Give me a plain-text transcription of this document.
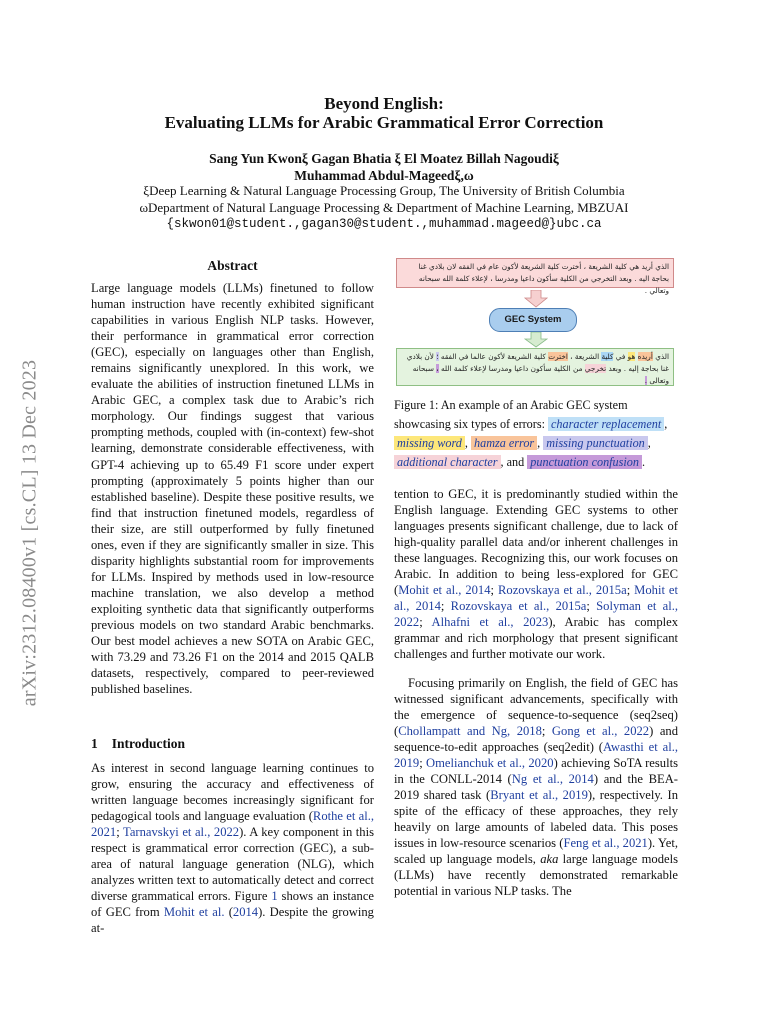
arXiv:2312.08400v1 [cs.CL] 13 Dec 2023
Beyond English:
Evaluating LLMs for Arabic Grammatical Error Correction
Sang Yun Kwonξ Gagan Bhatia ξ El Moatez Billah Nagoudiξ
Muhammad Abdul-Mageedξ,ω
ξDeep Learning & Natural Language Processing Group, The University of British Columbia
ωDepartment of Natural Language Processing & Department of Machine Learning, MBZUAI
{skwon01@student.,gagan30@student.,muhammad.mageed@}ubc.ca
Abstract

Large language models (LLMs) finetuned to follow human instruction have recently exhibited significant capabilities in various English NLP tasks. However, their performance in grammatical error correction (GEC), especially on languages other than English, remains significantly unexplored. In this work, we evaluate the abilities of instruction finetuned LLMs in Arabic GEC, a complex task due to Arabic’s rich morphology. Our findings suggest that various prompting methods, coupled with (in-context) few-shot learning, demonstrate considerable effectiveness, with GPT-4 achieving up to 65.49 F1 score under expert prompting (approximately 5 points higher than our established baseline). Despite these positive results, we find that instruction finetuned models, regardless of their size, are still outperformed by fully finetuned ones, even if they are significantly smaller in size. This disparity highlights substantial room for improvements for LLMs. Inspired by methods used in low-resource machine translation, we also develop a method exploiting synthetic data that significantly outperforms previous models on two standard Arabic benchmarks. Our best model achieves a new SOTA on Arabic GEC, with 73.29 and 73.26 F1 on the 2014 and 2015 QALB datasets, respectively, compared to peer-reviewed published baselines.

1 Introduction

As interest in second language learning continues to grow, ensuring the accuracy and effectiveness of written language becomes increasingly significant for pedagogical tools and language evaluation (Rothe et al., 2021; Tarnavskyi et al., 2022). A key component in this respect is grammatical error correction (GEC), a sub-area of natural language generation (NLG), which analyzes written text to automatically detect and correct diverse grammatical errors. Figure 1 shows an instance of GEC from Mohit et al. (2014). Despite the growing at-

الذي أريد هي كلية الشريعة ، أخترت كلية الشريعة لأكون عام في الفقه لان بلادي غنا بحاجة اليه . وبعد التخرجي من الكلية سأكون داعيا ومدرسا ، لإعلاء كلمة الله سبحانه وتعالي .
GEC System
الذي أريده هو في كلية الشريعة ، اخترت كلية الشريعة لأكون عالما في الفقه ؛ لأن بلادي غنا بحاجة إليه . وبعد تخرجي من الكلية سأكون داعيا ومدرسا لإعلاء كلمة الله ، سبحانه وتعالى .
Figure 1: An example of an Arabic GEC system showcasing six types of errors: character replacement , missing word , hamza error , missing punctuation , additional character , and punctuation confusion .

tention to GEC, it is predominantly studied within the English language. Extending GEC systems to other languages presents significant challenge, due to lack of high-quality parallel data and/or inherent challenges in these languages. Recognizing this, our work focuses on Arabic. In addition to being less-explored for GEC (Mohit et al., 2014; Rozovskaya et al., 2015a; Mohit et al., 2014; Rozovskaya et al., 2015a; Solyman et al., 2022; Alhafni et al., 2023), Arabic has complex grammar and rich morphology that present significant challenges and further motivate our work.

Focusing primarily on English, the field of GEC has witnessed significant advancements, specifically with the emergence of sequence-to-sequence (seq2seq) (Chollampatt and Ng, 2018; Gong et al., 2022) and sequence-to-edit approaches (seq2edit) (Awasthi et al., 2019; Omelianchuk et al., 2020) achieving SoTA results in the CONLL-2014 (Ng et al., 2014) and the BEA-2019 shared task (Bryant et al., 2019), respectively. In spite of the efficacy of these approaches, they rely heavily on large amounts of labeled data. This poses issues in low-resource scenarios (Feng et al., 2021). Yet, scaled up language models, aka large language models (LLMs) have recently demonstrated remarkable potential in various NLP tasks. The
